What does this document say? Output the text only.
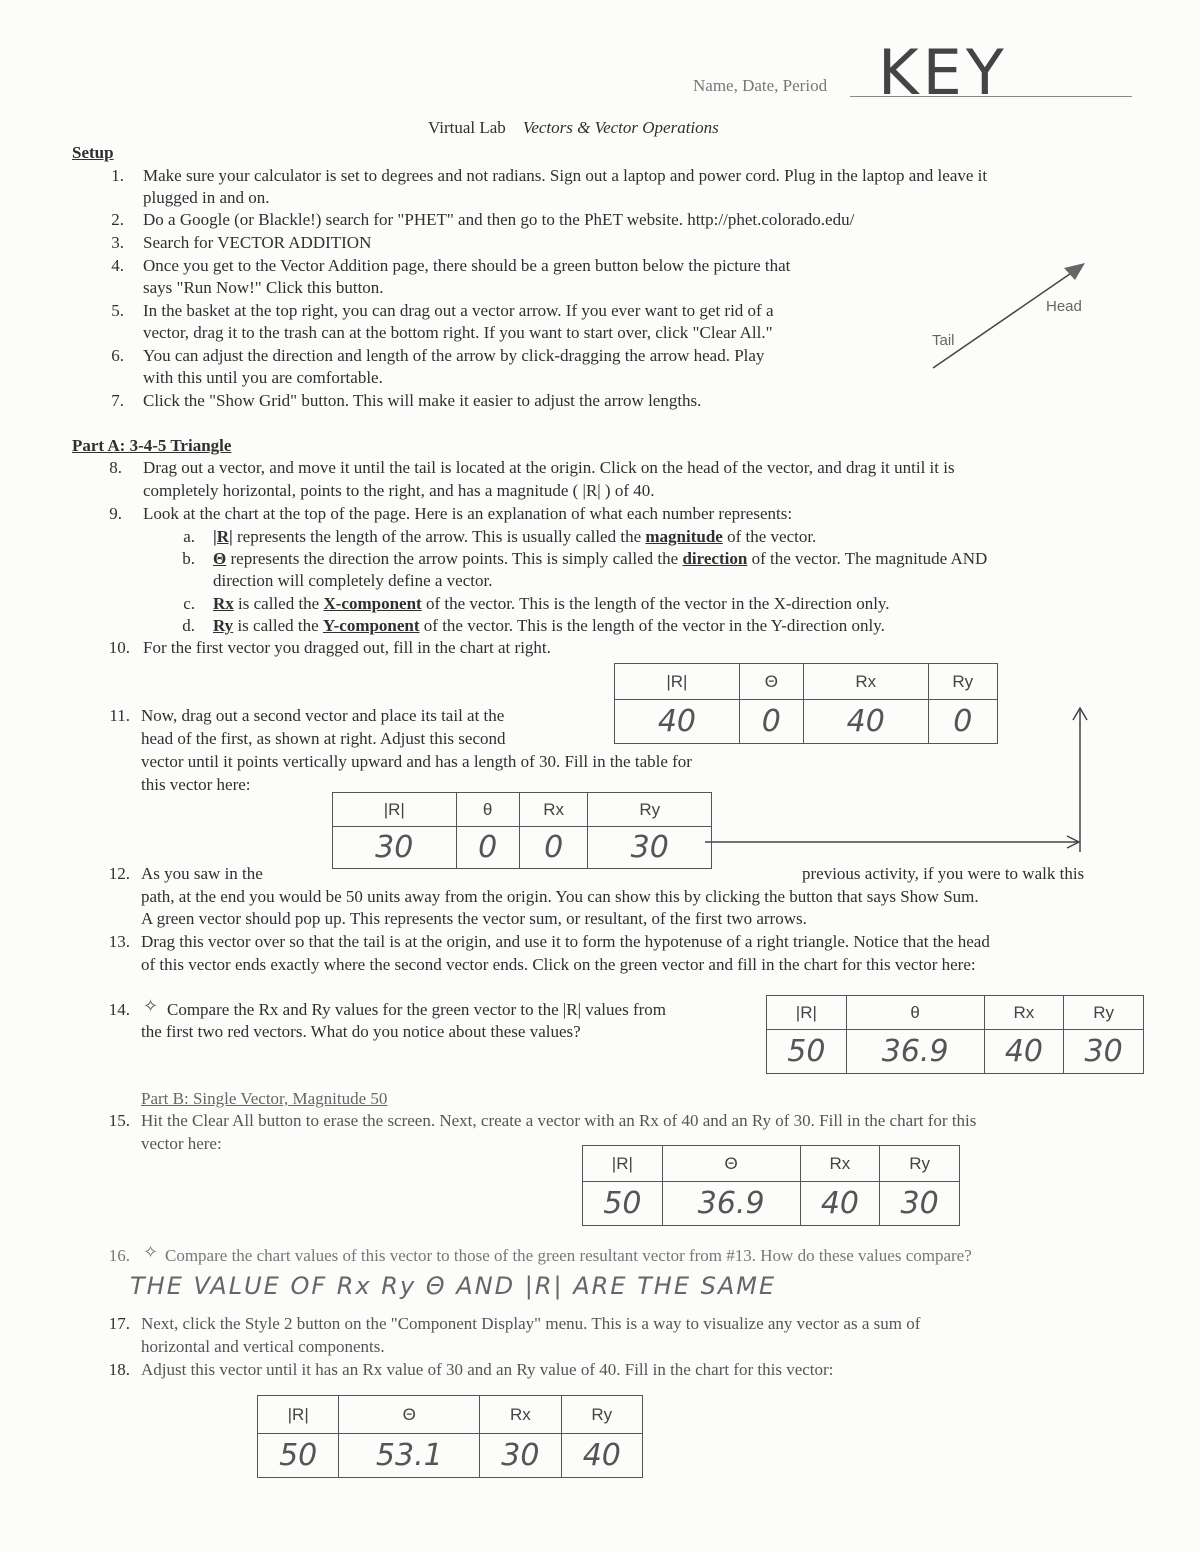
Name, Date, Period KEY
Virtual Lab Vectors & Vector Operations
Setup
1. Make sure your calculator is set to degrees and not radians. Sign out a laptop and power cord. Plug in the laptop and leave it
plugged in and on.
2. Do a Google (or Blackle!) search for "PHET" and then go to the PhET website. http://phet.colorado.edu/
3. Search for VECTOR ADDITION
4. Once you get to the Vector Addition page, there should be a green button below the picture that
says "Run Now!" Click this button.
5. In the basket at the top right, you can drag out a vector arrow. If you ever want to get rid of a
vector, drag it to the trash can at the bottom right. If you want to start over, click "Clear All."
6. You can adjust the direction and length of the arrow by click-dragging the arrow head. Play
with this until you are comfortable.
7. Click the "Show Grid" button. This will make it easier to adjust the arrow lengths.
Head
Tail
Part A: 3-4-5 Triangle
8. Drag out a vector, and move it until the tail is located at the origin. Click on the head of the vector, and drag it until it is
completely horizontal, points to the right, and has a magnitude ( |R| ) of 40.
9. Look at the chart at the top of the page. Here is an explanation of what each number represents:
a. |R| represents the length of the arrow. This is usually called the magnitude of the vector.
b. Θ represents the direction the arrow points. This is simply called the direction of the vector. The magnitude AND
direction will completely define a vector.
c. Rx is called the X-component of the vector. This is the length of the vector in the X-direction only.
d. Ry is called the Y-component of the vector. This is the length of the vector in the Y-direction only.
10. For the first vector you dragged out, fill in the chart at right.
|R|	Θ	Rx	Ry
40	0	40	0
11. Now, drag out a second vector and place its tail at the
head of the first, as shown at right. Adjust this second
vector until it points vertically upward and has a length of 30. Fill in the table for
this vector here:
|R|	θ	Rx	Ry
30	0	0	30
12. As you saw in the	previous activity, if you were to walk this
path, at the end you would be 50 units away from the origin. You can show this by clicking the button that says Show Sum.
A green vector should pop up. This represents the vector sum, or resultant, of the first two arrows.
13. Drag this vector over so that the tail is at the origin, and use it to form the hypotenuse of a right triangle. Notice that the head
of this vector ends exactly where the second vector ends. Click on the green vector and fill in the chart for this vector here:
14. ✧ Compare the Rx and Ry values for the green vector to the |R| values from
the first two red vectors. What do you notice about these values?
|R|	θ	Rx	Ry
50	36.9	40	30
Part B: Single Vector, Magnitude 50
15. Hit the Clear All button to erase the screen. Next, create a vector with an Rx of 40 and an Ry of 30. Fill in the chart for this
vector here:
|R|	Θ	Rx	Ry
50	36.9	40	30
16. ✧ Compare the chart values of this vector to those of the green resultant vector from #13. How do these values compare?
THE VALUE OF Rx Ry Θ AND |R| ARE THE SAME
17. Next, click the Style 2 button on the "Component Display" menu. This is a way to visualize any vector as a sum of
horizontal and vertical components.
18. Adjust this vector until it has an Rx value of 30 and an Ry value of 40. Fill in the chart for this vector:
|R|	Θ	Rx	Ry
50	53.1	30	40
